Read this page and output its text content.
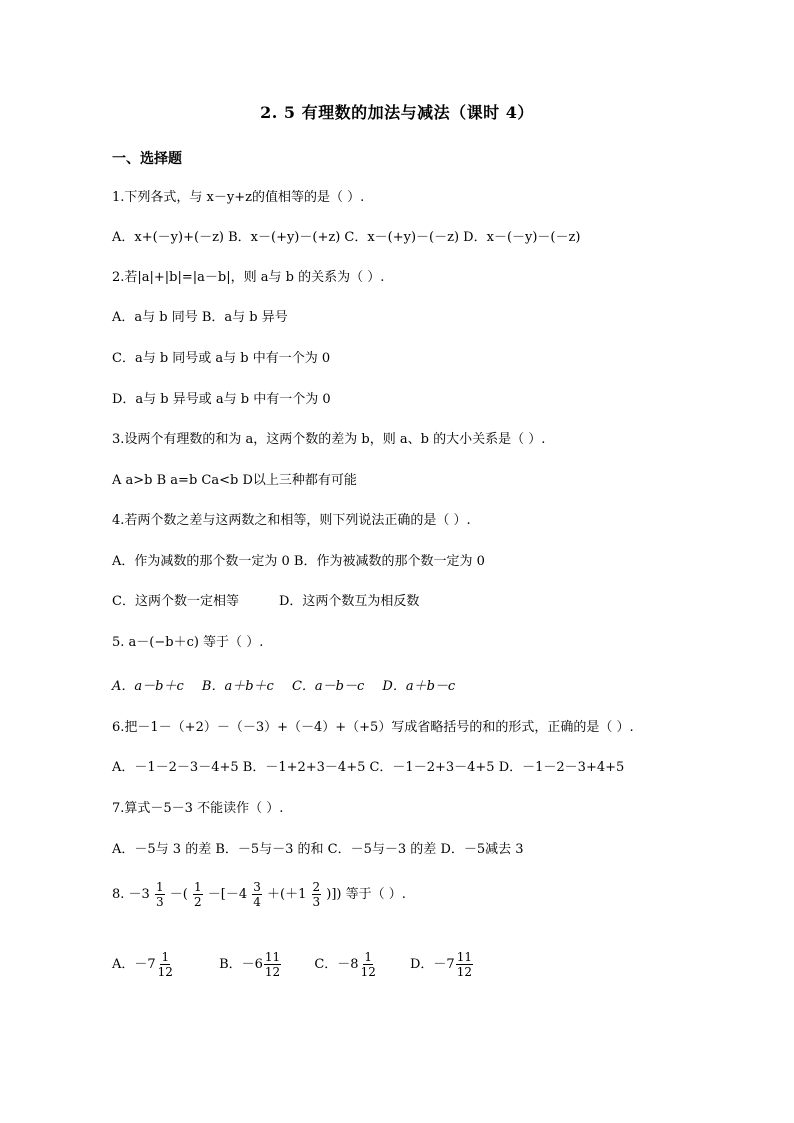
2. 5 有理数的加法与减法（课时 4）
一、选择题
1.下列各式，与 x－y+z的值相等的是（ ）.
A．x+(－y)+(－z) B．x－(+y)－(+z) C．x－(+y)－(－z) D．x－(－y)－(－z)
2.若|a|+|b|=|a－b|，则 a与 b 的关系为（ ）.
A．a与 b 同号 B．a与 b 异号
C．a与 b 同号或 a与 b 中有一个为 0
D．a与 b 异号或 a与 b 中有一个为 0
3.设两个有理数的和为 a，这两个数的差为 b，则 a、b 的大小关系是（ ）.
A a>b B a=b Ca<b D以上三种都有可能
4.若两个数之差与这两数之和相等，则下列说法正确的是（ ）.
A．作为减数的那个数一定为 0 B．作为被减数的那个数一定为 0
C．这两个数一定相等	D．这两个数互为相反数
5. a－(−b＋c) 等于（ ）.
A．a－b＋c B．a＋b＋c C．a－b－c D．a＋b－c
6.把－1－（+2）－（－3）+（－4）+（+5）写成省略括号的和的形式，正确的是（ ）.
A．－1－2－3－4+5 B．－1+2+3－4+5 C．－1－2+3－4+5 D．－1－2－3+4+5
7.算式－5－3 不能读作（ ）.
A．－5与 3 的差 B．－5与－3 的和 C．－5与－3 的差 D．－5减去 3
8. $-3 \frac{1}{3}$ －( $\frac{1}{2} -[-4 \frac{3}{4} +(+1 \frac{2}{3}$ )]) 等于（ ）.
A．$-7 \frac{1}{12}$	B．$-6 \frac{11}{12}$	C．$-8 \frac{1}{12}$	D．$-7 \frac{11}{12}$
